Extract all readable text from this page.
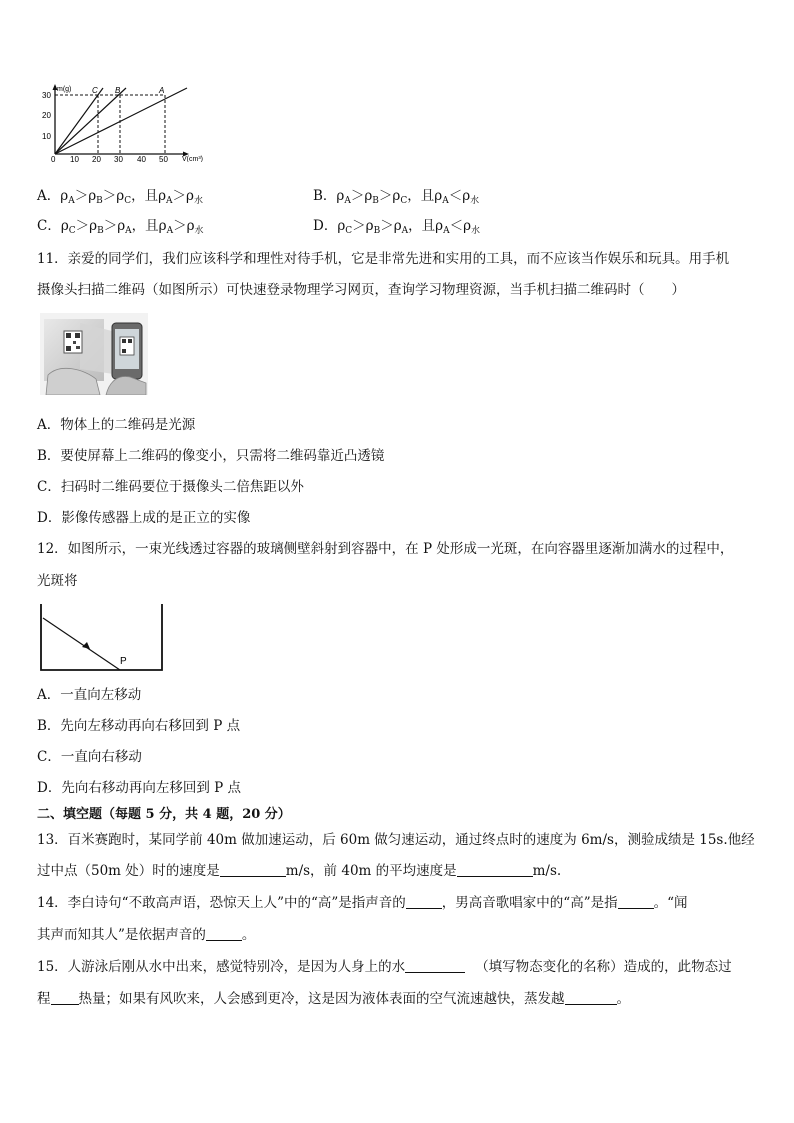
m(g)
V(cm³)
10
20
30
0 10 20 30 40 50
C B	A
A．$\rho_A>\rho_B>\rho_C$，且$\rho_A>\rho_水$	B．$\rho_A>\rho_B>\rho_C$，且$\rho_A<\rho_水$
C．$\rho_C>\rho_B>\rho_A$，且$\rho_A>\rho_水$	D．$\rho_C>\rho_B>\rho_A$，且$\rho_A<\rho_水$
11．亲爱的同学们，我们应该科学和理性对待手机，它是非常先进和实用的工具，而不应该当作娱乐和玩具。用手机
摄像头扫描二维码（如图所示）可快速登录物理学习网页，查询学习物理资源，当手机扫描二维码时（　　）
A．物体上的二维码是光源
B．要使屏幕上二维码的像变小，只需将二维码靠近凸透镜
C．扫码时二维码要位于摄像头二倍焦距以外
D．影像传感器上成的是正立的实像
12．如图所示，一束光线透过容器的玻璃侧壁斜射到容器中，在 P 处形成一光斑，在向容器里逐渐加满水的过程中，
光斑将
P
A．一直向左移动
B．先向左移动再向右移回到 P 点
C．一直向右移动
D．先向右移动再向左移回到 P 点
二、填空题（每题 5 分，共 4 题，20 分）
13．百米赛跑时，某同学前 40m 做加速运动，后 60m 做匀速运动，通过终点时的速度为 6m/s，测验成绩是 15s.他经
过中点（50m 处）时的速度是	m/s，前 40m 的平均速度是	m/s.
14．李白诗句“不敢高声语，恐惊天上人”中的“高”是指声音的	，男高音歌唱家中的“高”是指	。“闻
其声而知其人”是依据声音的	。
15．人游泳后刚从水中出来，感觉特别冷，是因为人身上的水	（填写物态变化的名称）造成的，此物态过
程 热量；如果有风吹来，人会感到更冷，这是因为液体表面的空气流速越快，蒸发越	。
